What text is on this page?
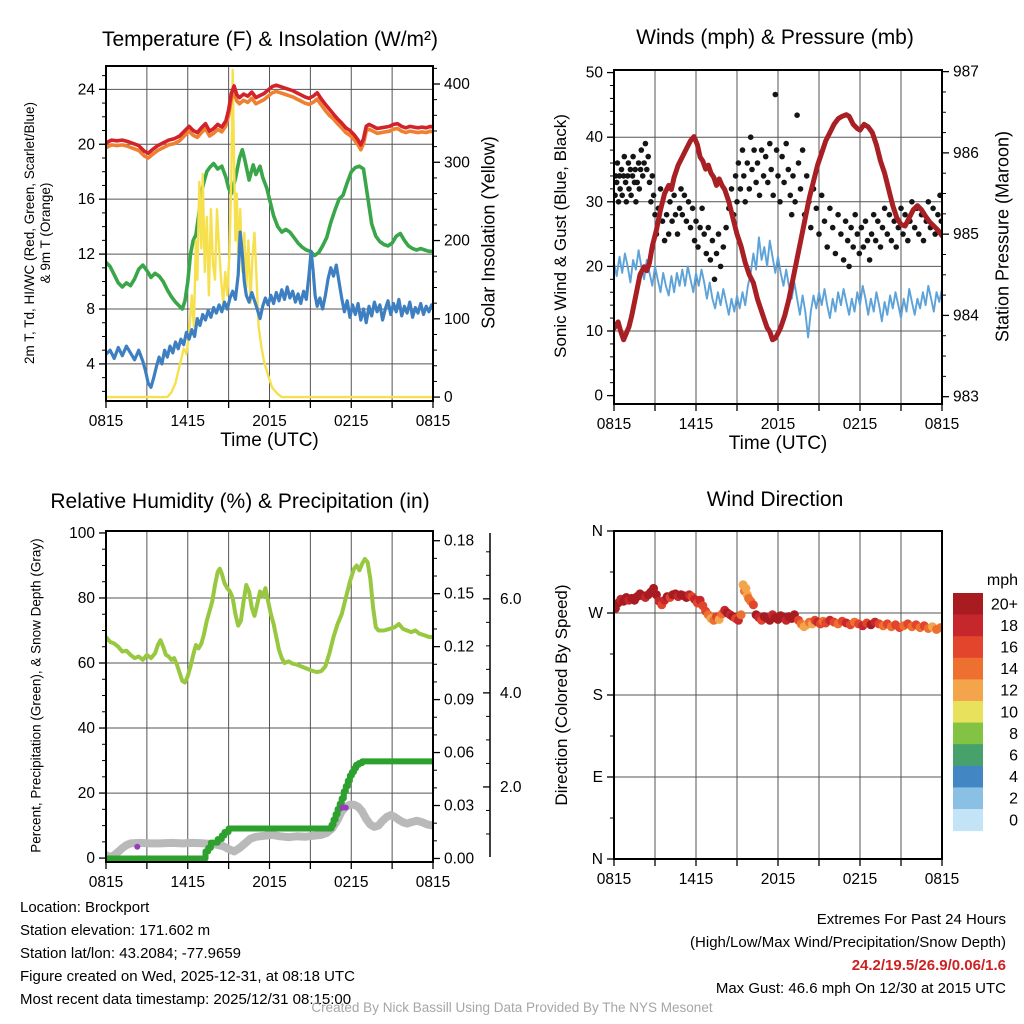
0815	1415	2015	0215	0815
4
8
12
16
20
24
0
100
200
300
400
0815	1415	2015	0215	0815
0
10
20
30
40
50
983
984
985
986
987
0815	1415	2015	0215	0815
0
20
40
60
80
100
0.00
0.03
0.06
0.09
0.12
0.15
0.18
2.0
4.0
6.0
0815	1415	2015	0215	0815
N
W
S
E
N
mph
20+
18
16
14
12
10
8
6
4
2
0
Temperature (F) & Insolation (W/m²)	Winds (mph) & Pressure (mb)
Relative Humidity (%) & Precipitation (in)	Wind Direction
2m T, Td, HI/WC (Red, Green, Scarlet/Blue) & 9m T (Orange)	Solar Insolation (Yellow)	Sonic Wind & Gust (Blue, Black)	Station Pressure (Maroon)
Percent, Precipitation (Green), & Snow Depth (Gray)	Direction (Colored By Speed)
Time (UTC)	Time (UTC)
Location: Brockport
Station elevation: 171.602 m
Station lat/lon: 43.2084; -77.9659
Figure created on Wed, 2025-12-31, at 08:18 UTC
Most recent data timestamp: 2025/12/31 08:15:00
Extremes For Past 24 Hours
(High/Low/Max Wind/Precipitation/Snow Depth)
24.2/19.5/26.9/0.06/1.6
Max Gust: 46.6 mph On 12/30 at 2015 UTC
Created By Nick Bassill Using Data Provided By The NYS Mesonet
